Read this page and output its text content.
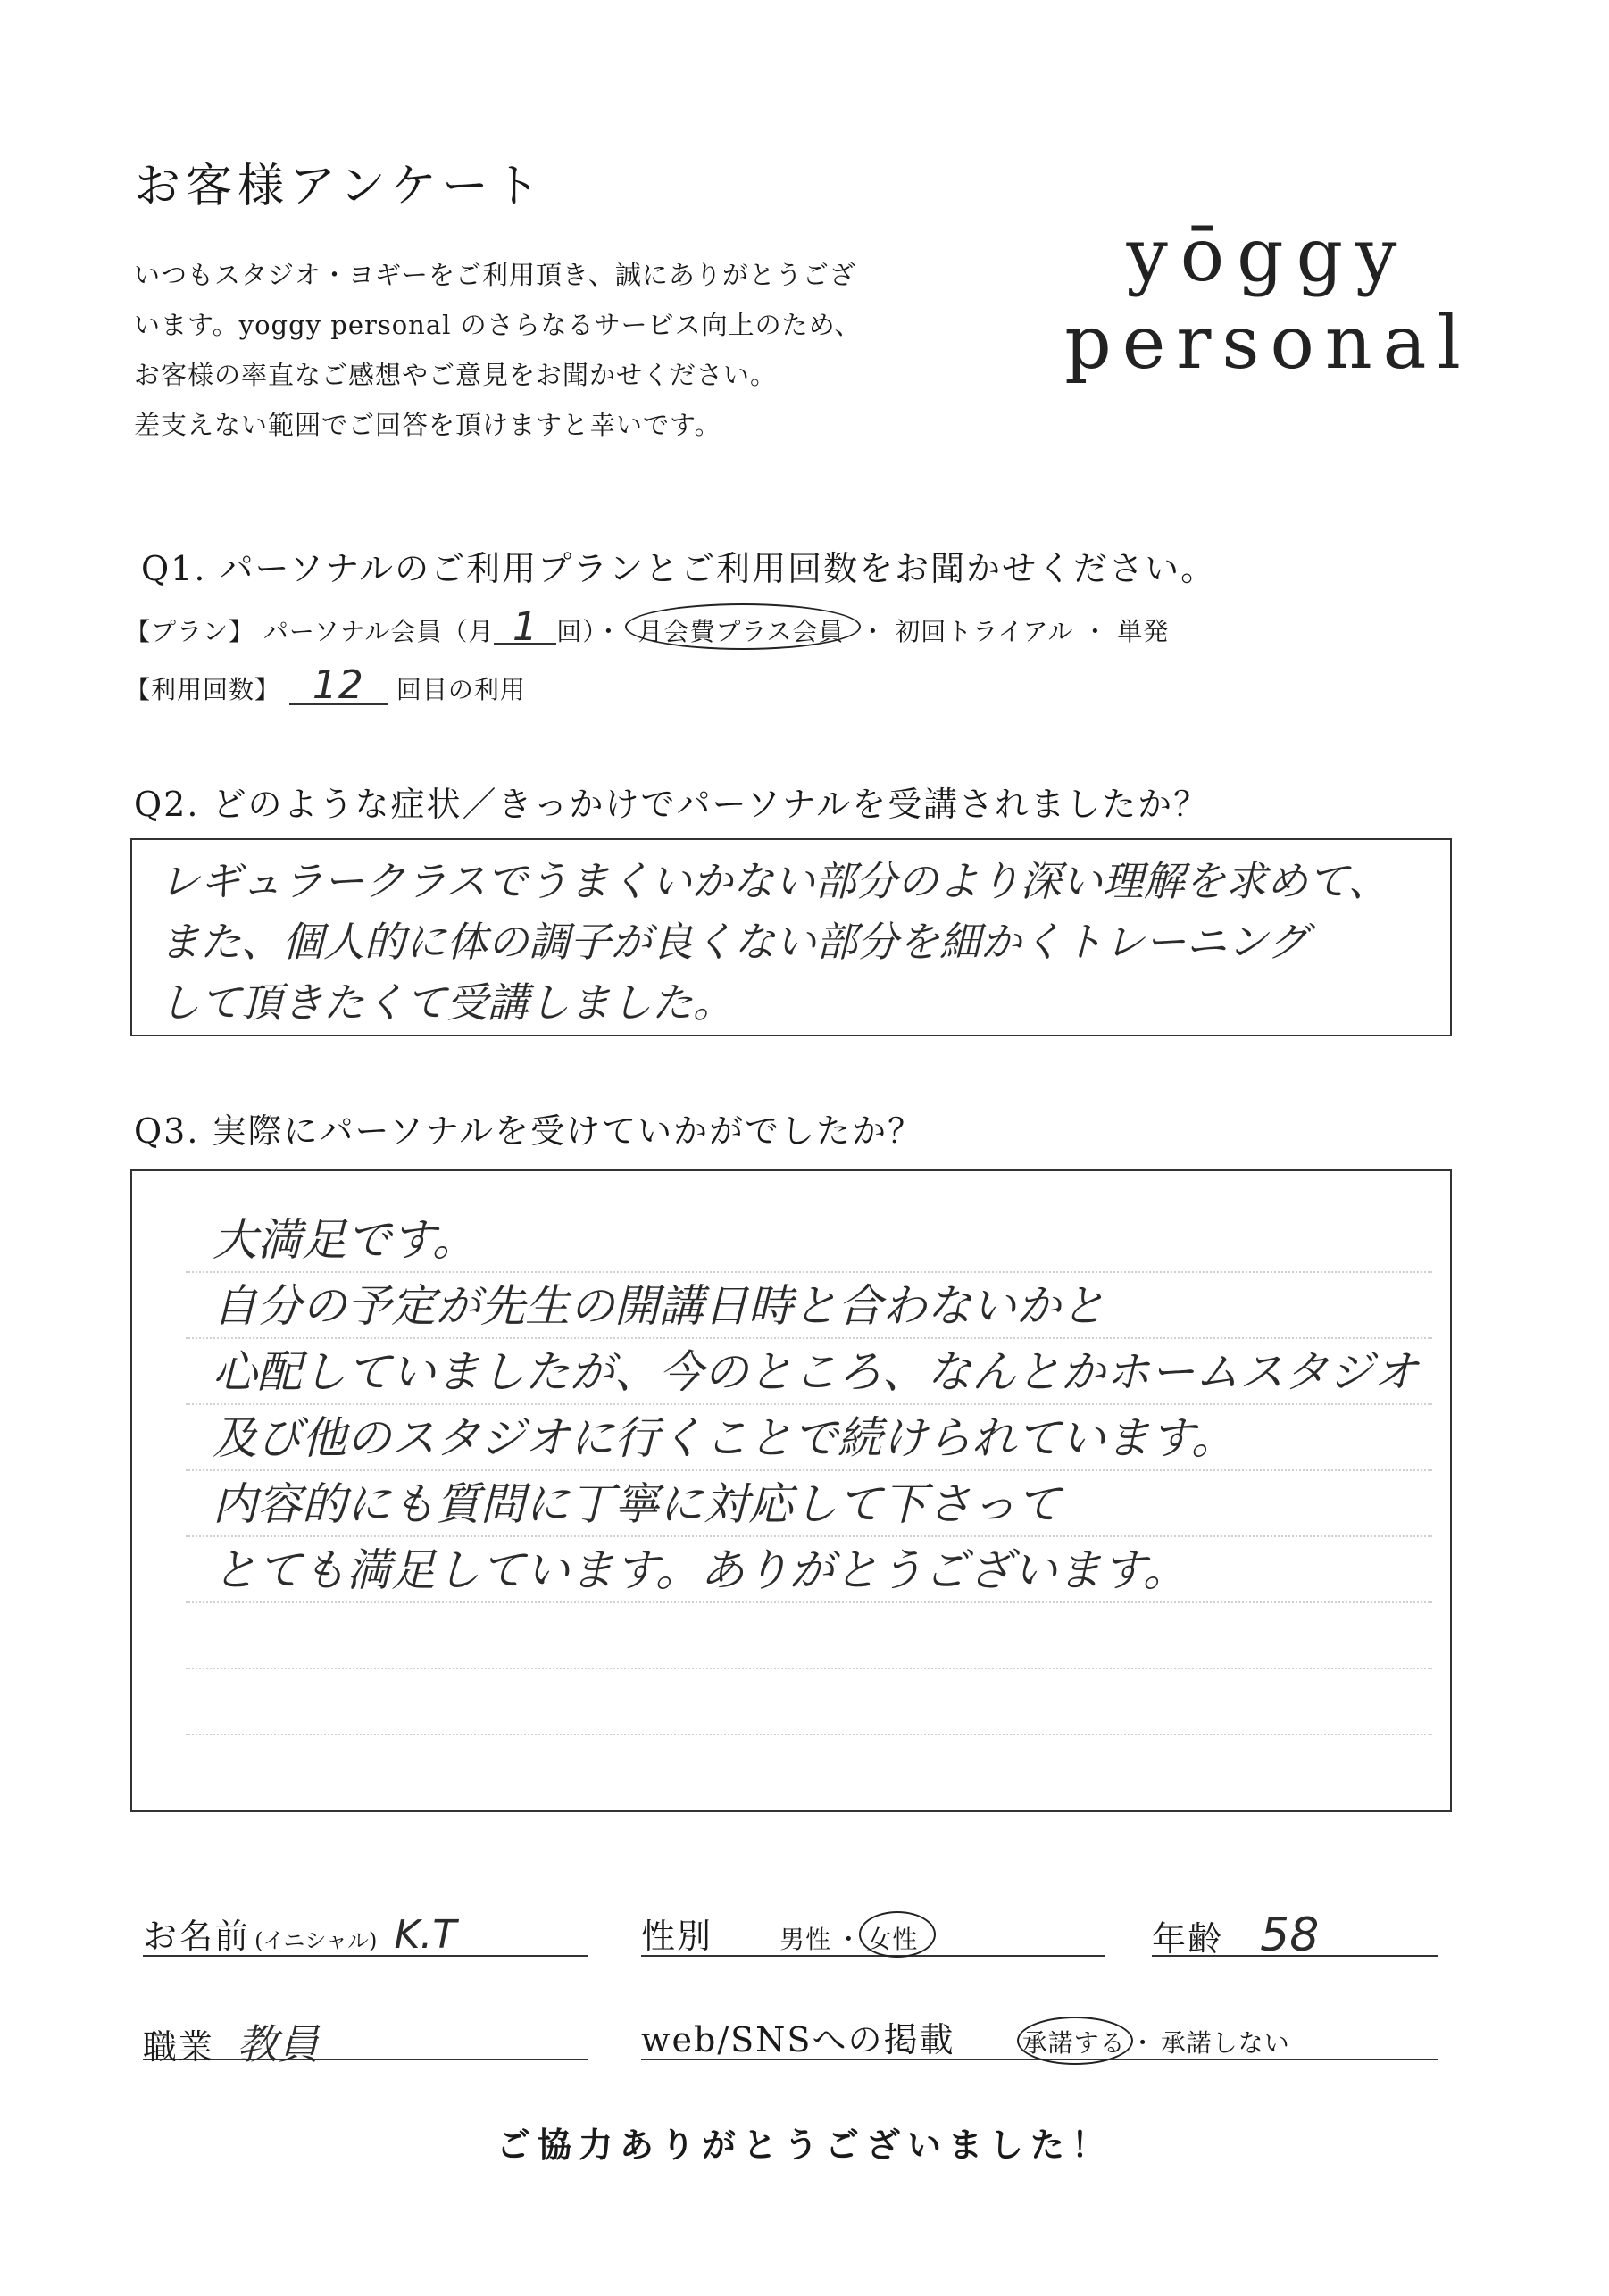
お客様アンケート
いつもスタジオ・ヨギーをご利用頂き、誠にありがとうござ
います。yoggy personal のさらなるサービス向上のため、
お客様の率直なご感想やご意見をお聞かせください。
差支えない範囲でご回答を頂けますと幸いです。
yōggy
personal
Q1. パーソナルのご利用プランとご利用回数をお聞かせください。
【プラン】 パーソナル会員（月 1 回）・ 月会費プラス会員 ・ 初回トライアル ・ 単発
【利用回数】 12 回目の利用
Q2. どのような症状／きっかけでパーソナルを受講されましたか？
レギュラークラスでうまくいかない部分のより深い理解を求めて、
また、個人的に体の調子が良くない部分を細かくトレーニング
して頂きたくて受講しました。
Q3. 実際にパーソナルを受けていかがでしたか？
大満足です。
自分の予定が先生の開講日時と合わないかと
心配していましたが、今のところ、なんとかホームスタジオ
及び他のスタジオに行くことで続けられています。
内容的にも質問に丁寧に対応して下さって
とても満足しています。ありがとうございます。
お名前 (イニシャル) K.T	性別	男性 ・ 女性	年齢 58
職業 教員	web/SNSへの掲載	承諾する ・ 承諾しない
ご協力ありがとうございました！
